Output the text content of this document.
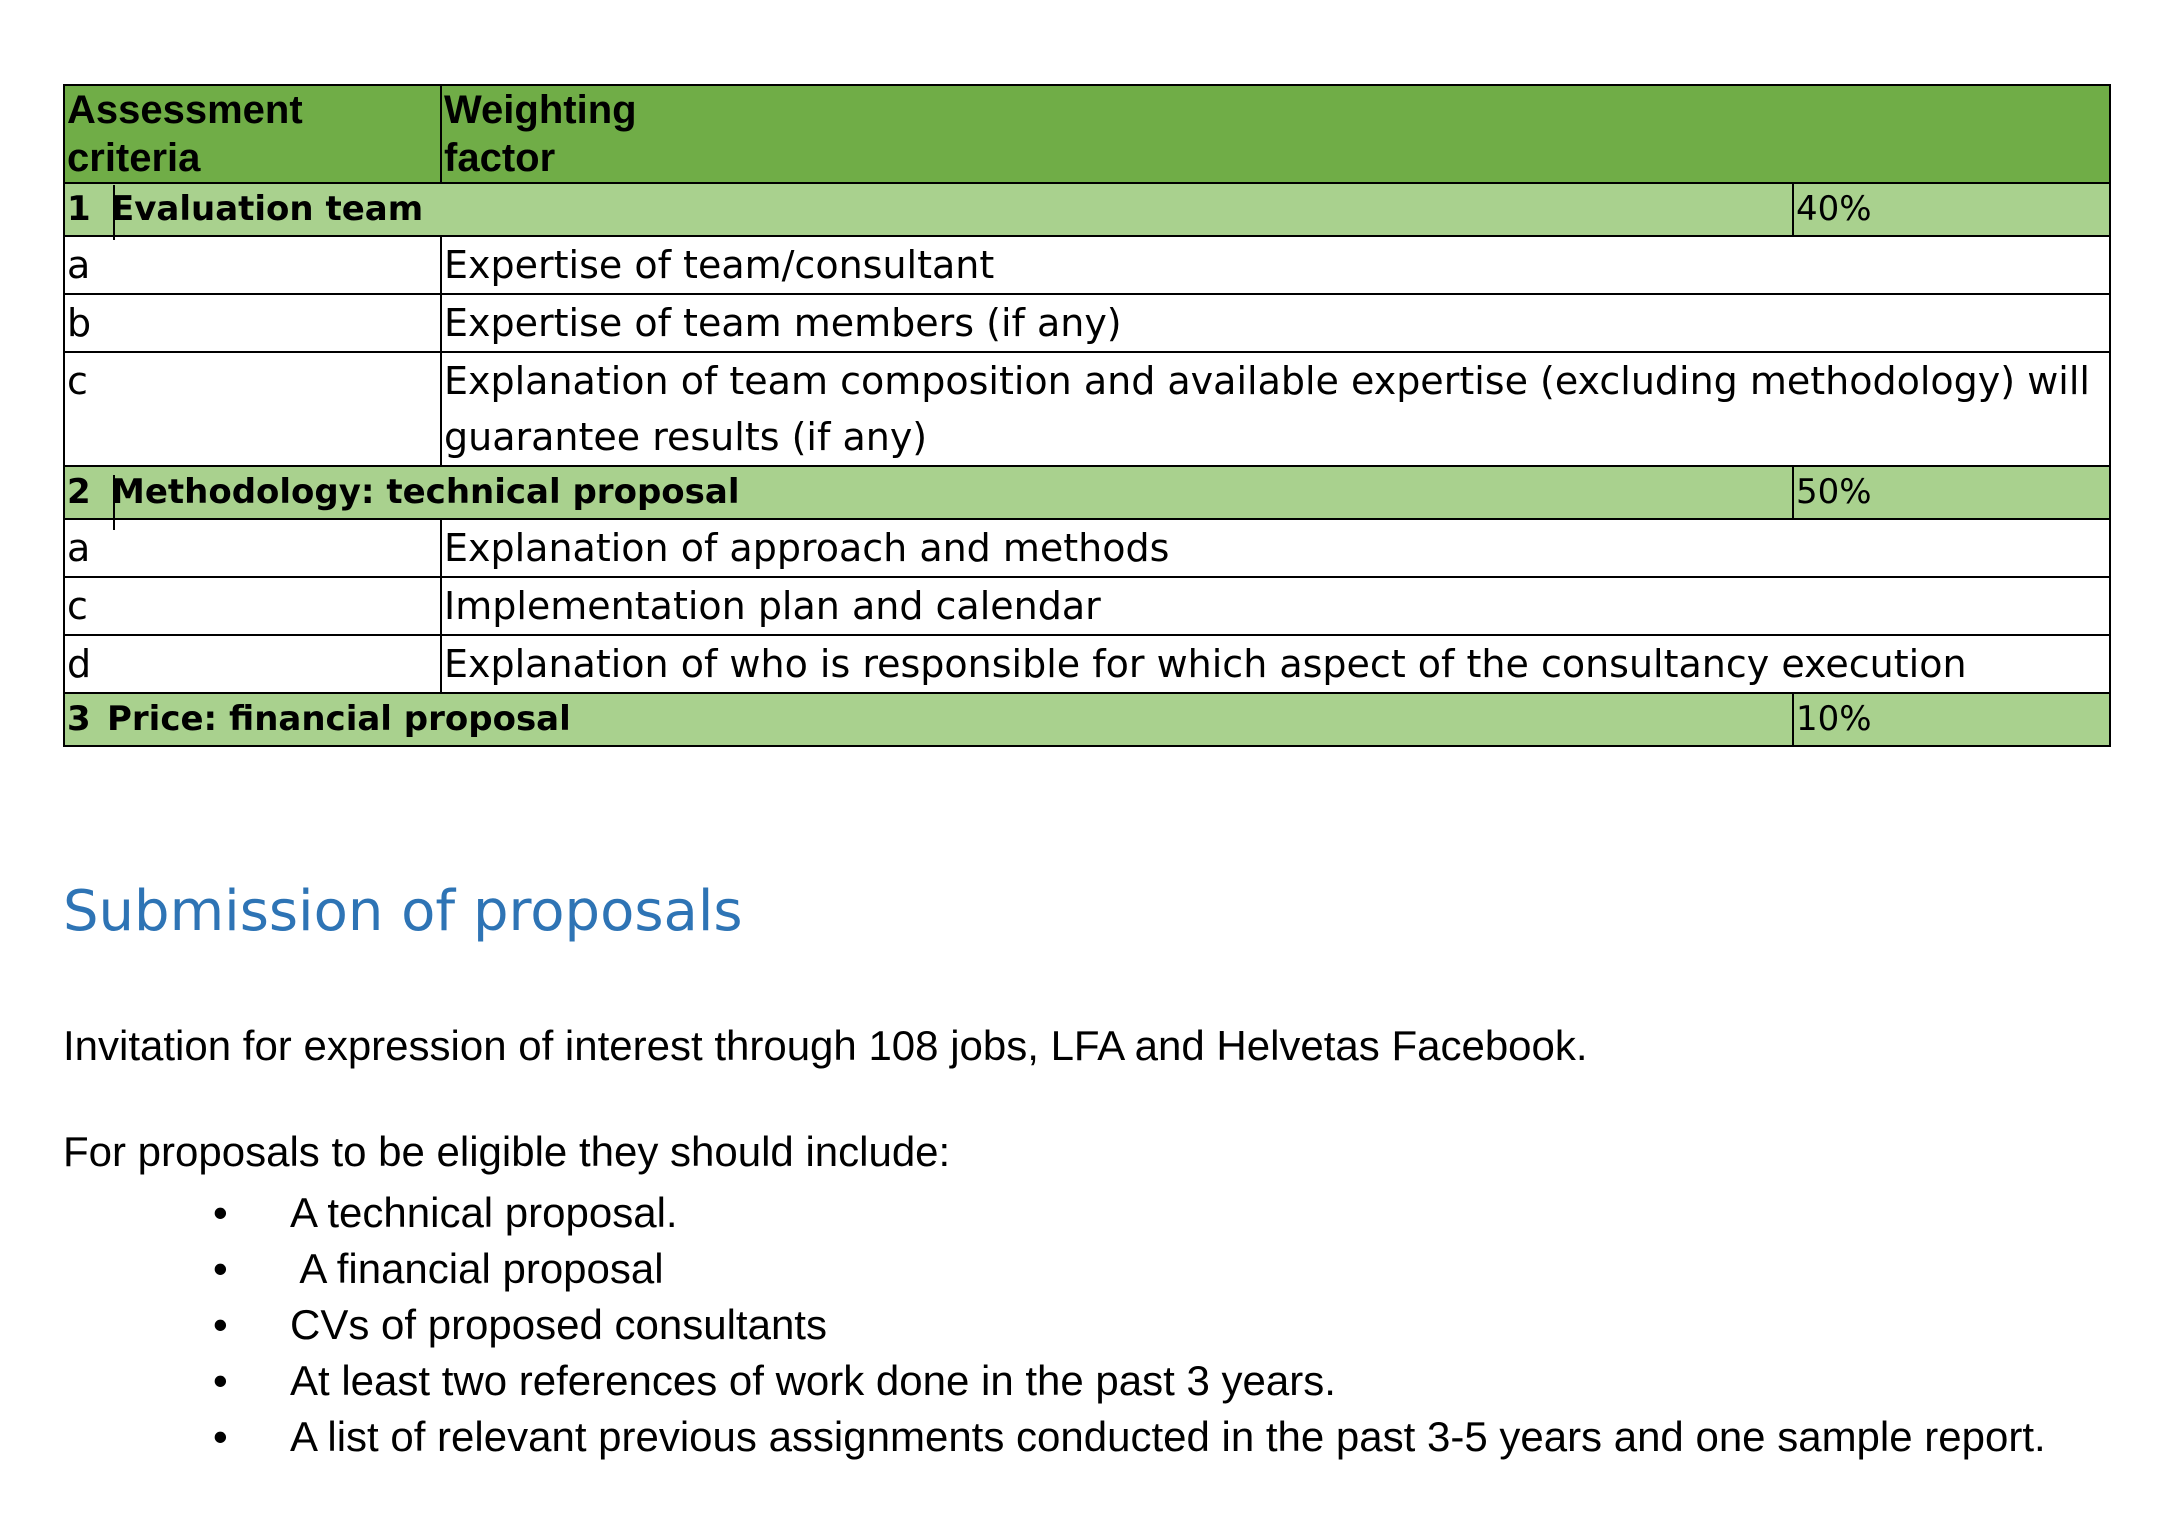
Assessment criteria	Weighting factor	

1 Evaluation team		40%
a	Expertise of team/consultant	
b	Expertise of team members (if any)	
c	Explanation of team composition and available expertise (excluding methodology) will guarantee results (if any)	
2 Methodology: technical proposal		50%
a	Explanation of approach and methods	
c	Implementation plan and calendar	
d	Explanation of who is responsible for which aspect of the consultancy execution	
3 Price: financial proposal		10%
Submission of proposals

Invitation for expression of interest through 108 jobs, LFA and Helvetas Facebook.

For proposals to be eligible they should include:

• A technical proposal.
• A financial proposal
• CVs of proposed consultants
• At least two references of work done in the past 3 years.
• A list of relevant previous assignments conducted in the past 3-5 years and one sample report.
